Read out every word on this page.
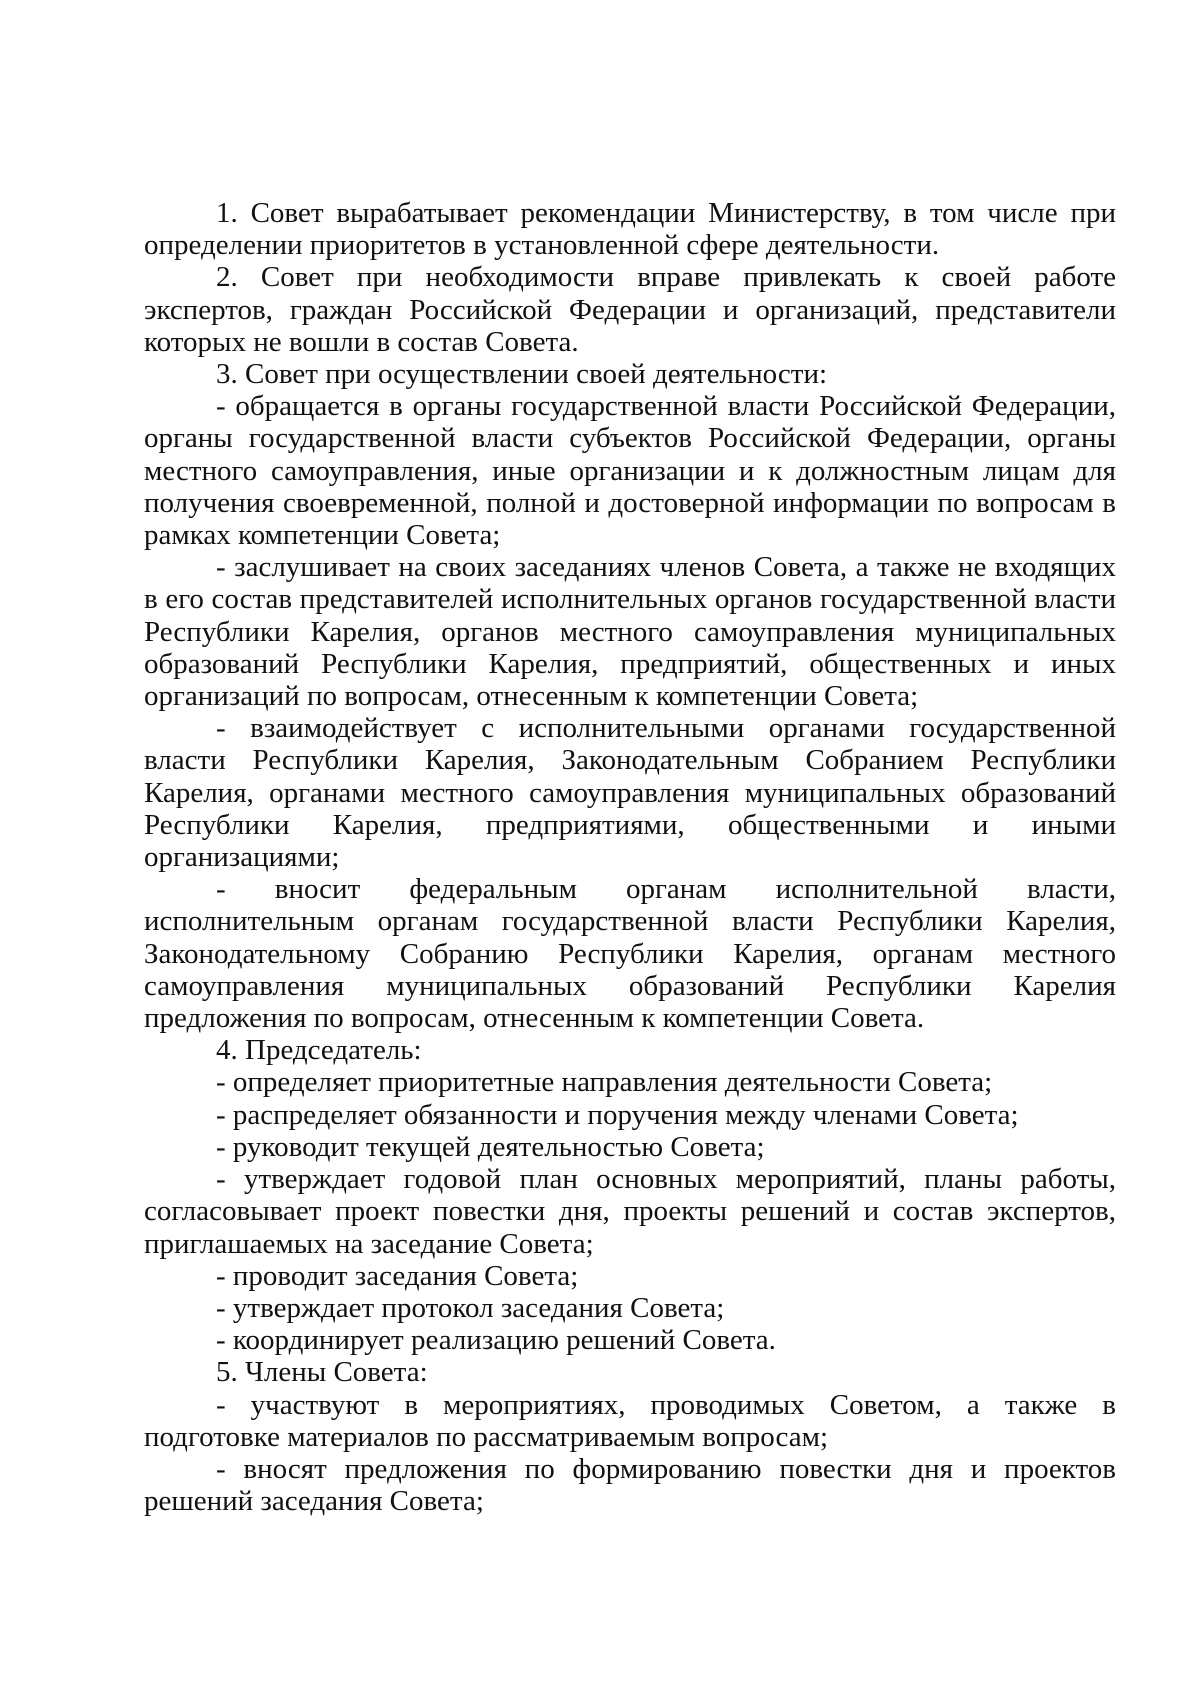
1. Совет вырабатывает рекомендации Министерству, в том числе при определении приоритетов в установленной сфере деятельности.

2. Совет при необходимости вправе привлекать к своей работе экспертов, граждан Российской Федерации и организаций, представители которых не вошли в состав Совета.

3. Совет при осуществлении своей деятельности:

- обращается в органы государственной власти Российской Федерации, органы государственной власти субъектов Российской Федерации, органы местного самоуправления, иные организации и к должностным лицам для получения своевременной, полной и достоверной информации по вопросам в рамках компетенции Совета;

- заслушивает на своих заседаниях членов Совета, а также не входящих в его состав представителей исполнительных органов государственной власти Республики Карелия, органов местного самоуправления муниципальных образований Республики Карелия, предприятий, общественных и иных организаций по вопросам, отнесенным к компетенции Совета;

- взаимодействует с исполнительными органами государственной власти Республики Карелия, Законодательным Собранием Республики Карелия, органами местного самоуправления муниципальных образований Республики Карелия, предприятиями, общественными и иными организациями;

- вносит федеральным органам исполнительной власти, исполнительным органам государственной власти Республики Карелия, Законодательному Собранию Республики Карелия, органам местного самоуправления муниципальных образований Республики Карелия предложения по вопросам, отнесенным к компетенции Совета.

4. Председатель:

- определяет приоритетные направления деятельности Совета;

- распределяет обязанности и поручения между членами Совета;

- руководит текущей деятельностью Совета;

- утверждает годовой план основных мероприятий, планы работы, согласовывает проект повестки дня, проекты решений и состав экспертов, приглашаемых на заседание Совета;

- проводит заседания Совета;

- утверждает протокол заседания Совета;

- координирует реализацию решений Совета.

5. Члены Совета:

- участвуют в мероприятиях, проводимых Советом, а также в подготовке материалов по рассматриваемым вопросам;

- вносят предложения по формированию повестки дня и проектов решений заседания Совета;
